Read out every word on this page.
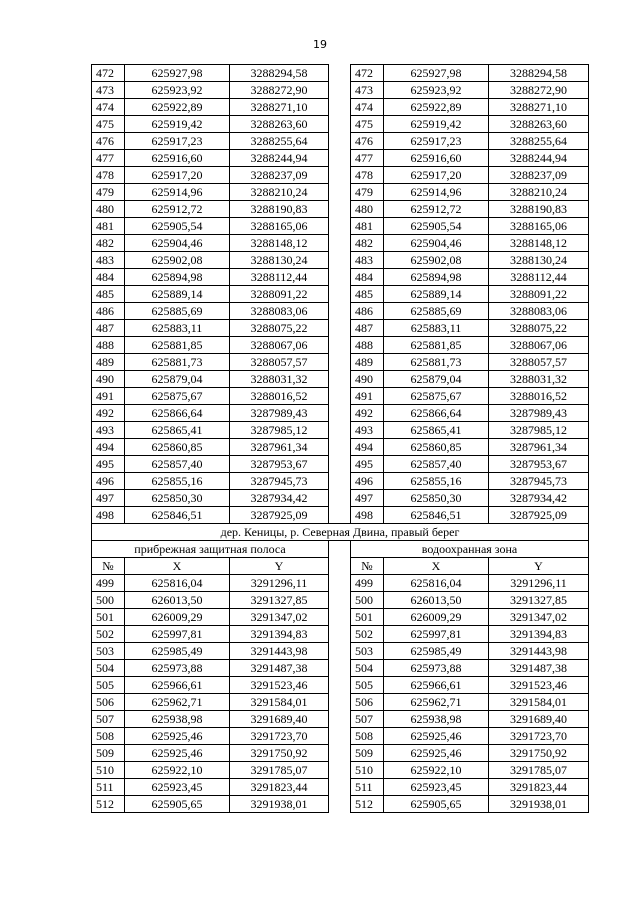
19
472	625927,98	3288294,58		472	625927,98	3288294,58
473	625923,92	3288272,90		473	625923,92	3288272,90
474	625922,89	3288271,10		474	625922,89	3288271,10
475	625919,42	3288263,60		475	625919,42	3288263,60
476	625917,23	3288255,64		476	625917,23	3288255,64
477	625916,60	3288244,94		477	625916,60	3288244,94
478	625917,20	3288237,09		478	625917,20	3288237,09
479	625914,96	3288210,24		479	625914,96	3288210,24
480	625912,72	3288190,83		480	625912,72	3288190,83
481	625905,54	3288165,06		481	625905,54	3288165,06
482	625904,46	3288148,12		482	625904,46	3288148,12
483	625902,08	3288130,24		483	625902,08	3288130,24
484	625894,98	3288112,44		484	625894,98	3288112,44
485	625889,14	3288091,22		485	625889,14	3288091,22
486	625885,69	3288083,06		486	625885,69	3288083,06
487	625883,11	3288075,22		487	625883,11	3288075,22
488	625881,85	3288067,06		488	625881,85	3288067,06
489	625881,73	3288057,57		489	625881,73	3288057,57
490	625879,04	3288031,32		490	625879,04	3288031,32
491	625875,67	3288016,52		491	625875,67	3288016,52
492	625866,64	3287989,43		492	625866,64	3287989,43
493	625865,41	3287985,12		493	625865,41	3287985,12
494	625860,85	3287961,34		494	625860,85	3287961,34
495	625857,40	3287953,67		495	625857,40	3287953,67
496	625855,16	3287945,73		496	625855,16	3287945,73
497	625850,30	3287934,42		497	625850,30	3287934,42
498	625846,51	3287925,09		498	625846,51	3287925,09
дер. Кеницы, р. Северная Двина, правый берег						
прибрежная защитная полоса				водоохранная зона		
№	X	Y		№	X	Y
499	625816,04	3291296,11		499	625816,04	3291296,11
500	626013,50	3291327,85		500	626013,50	3291327,85
501	626009,29	3291347,02		501	626009,29	3291347,02
502	625997,81	3291394,83		502	625997,81	3291394,83
503	625985,49	3291443,98		503	625985,49	3291443,98
504	625973,88	3291487,38		504	625973,88	3291487,38
505	625966,61	3291523,46		505	625966,61	3291523,46
506	625962,71	3291584,01		506	625962,71	3291584,01
507	625938,98	3291689,40		507	625938,98	3291689,40
508	625925,46	3291723,70		508	625925,46	3291723,70
509	625925,46	3291750,92		509	625925,46	3291750,92
510	625922,10	3291785,07		510	625922,10	3291785,07
511	625923,45	3291823,44		511	625923,45	3291823,44
512	625905,65	3291938,01		512	625905,65	3291938,01
